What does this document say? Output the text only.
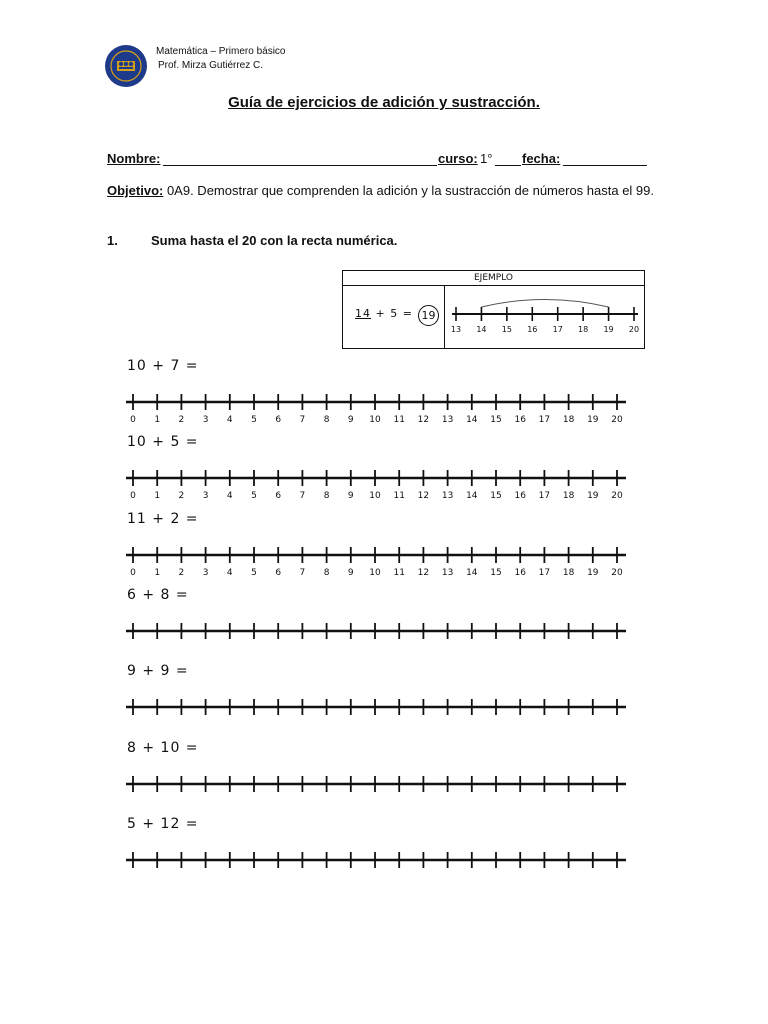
Matemática – Primero básico
Prof. Mirza Gutiérrez C.
Guía de ejercicios de adición y sustracción.
Nombre:	curso: 1° fecha:
Objetivo: 0A9. Demostrar que comprenden la adición y la sustracción de números hasta el 99.
1.	Suma hasta el 20 con la recta numérica.
EJEMPLO
14 + 5 = 19
13 14 15 16 17 18 19 20
10 + 7 =
0 1 2 3 4 5 6 7 8 9 10 11 12 13 14 15 16 17 18 19 20
10 + 5 =
0 1 2 3 4 5 6 7 8 9 10 11 12 13 14 15 16 17 18 19 20
11 + 2 =
0 1 2 3 4 5 6 7 8 9 10 11 12 13 14 15 16 17 18 19 20
6 + 8 =
9 + 9 =
8 + 10 =
5 + 12 =
